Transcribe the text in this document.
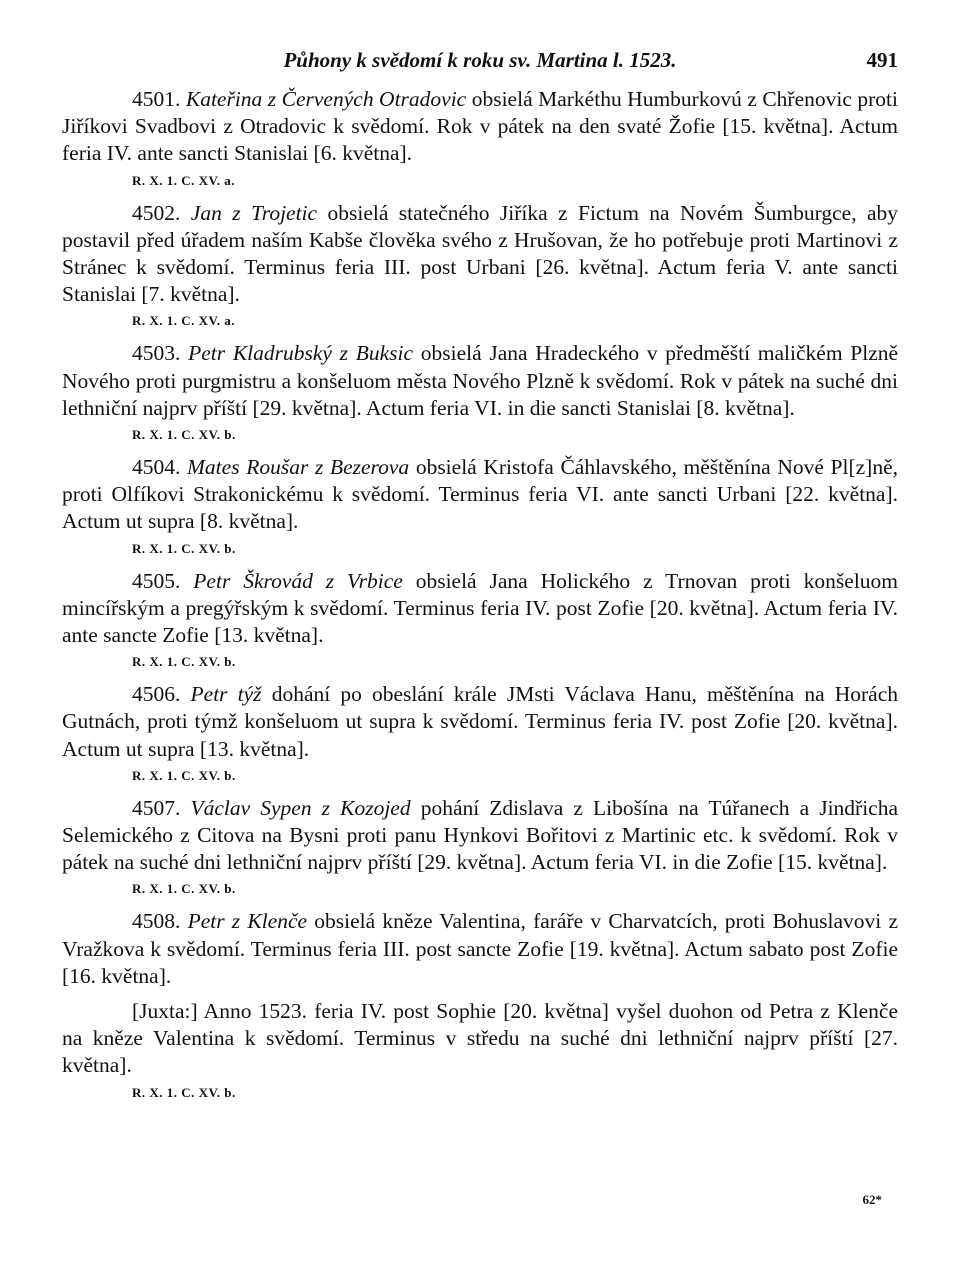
Půhony k svědomí k roku sv. Martina l. 1523.	491

4501. Kateřina z Červených Otradovic obsielá Markéthu Humburkovú z Chřenovic proti Jiříkovi Svadbovi z Otradovic k svědomí. Rok v pátek na den svaté Žofie [15. května]. Actum feria IV. ante sancti Stanislai [6. května].

R. X. 1. C. XV. a.

4502. Jan z Trojetic obsielá statečného Jiříka z Fictum na Novém Šumburgce, aby postavil před úřadem naším Kabše člověka svého z Hrušovan, že ho potřebuje proti Martinovi z Stránec k svědomí. Terminus feria III. post Urbani [26. května]. Actum feria V. ante sancti Stanislai [7. května].

R. X. 1. C. XV. a.

4503. Petr Kladrubský z Buksic obsielá Jana Hradeckého v předměští maličkém Plzně Nového proti purgmistru a konšeluom města Nového Plzně k svědomí. Rok v pátek na suché dni lethniční najprv příští [29. května]. Actum feria VI. in die sancti Stanislai [8. května].

R. X. 1. C. XV. b.

4504. Mates Roušar z Bezerova obsielá Kristofa Čáhlavského, měštěnína Nové Pl[z]ně, proti Olfíkovi Strakonickému k svědomí. Terminus feria VI. ante sancti Urbani [22. května]. Actum ut supra [8. května].

R. X. 1. C. XV. b.

4505. Petr Škrovád z Vrbice obsielá Jana Holického z Trnovan proti konšeluom mincířským a pregýřským k svědomí. Terminus feria IV. post Zofie [20. května]. Actum feria IV. ante sancte Zofie [13. května].

R. X. 1. C. XV. b.

4506. Petr týž dohání po obeslání krále JMsti Václava Hanu, měštěnína na Horách Gutnách, proti týmž konšeluom ut supra k svědomí. Terminus feria IV. post Zofie [20. května]. Actum ut supra [13. května].

R. X. 1. C. XV. b.

4507. Václav Sypen z Kozojed pohání Zdislava z Libošína na Túřanech a Jindřicha Selemického z Citova na Bysni proti panu Hynkovi Bořitovi z Martinic etc. k svědomí. Rok v pátek na suché dni lethniční najprv příští [29. května]. Actum feria VI. in die Zofie [15. května].

R. X. 1. C. XV. b.

4508. Petr z Klenče obsielá kněze Valentina, faráře v Charvatcích, proti Bohuslavovi z Vražkova k svědomí. Terminus feria III. post sancte Zofie [19. května]. Actum sabato post Zofie [16. května].

[Juxta:] Anno 1523. feria IV. post Sophie [20. května] vyšel duohon od Petra z Klenče na kněze Valentina k svědomí. Terminus v středu na suché dni lethniční najprv příští [27. května].

R. X. 1. C. XV. b.
62*
